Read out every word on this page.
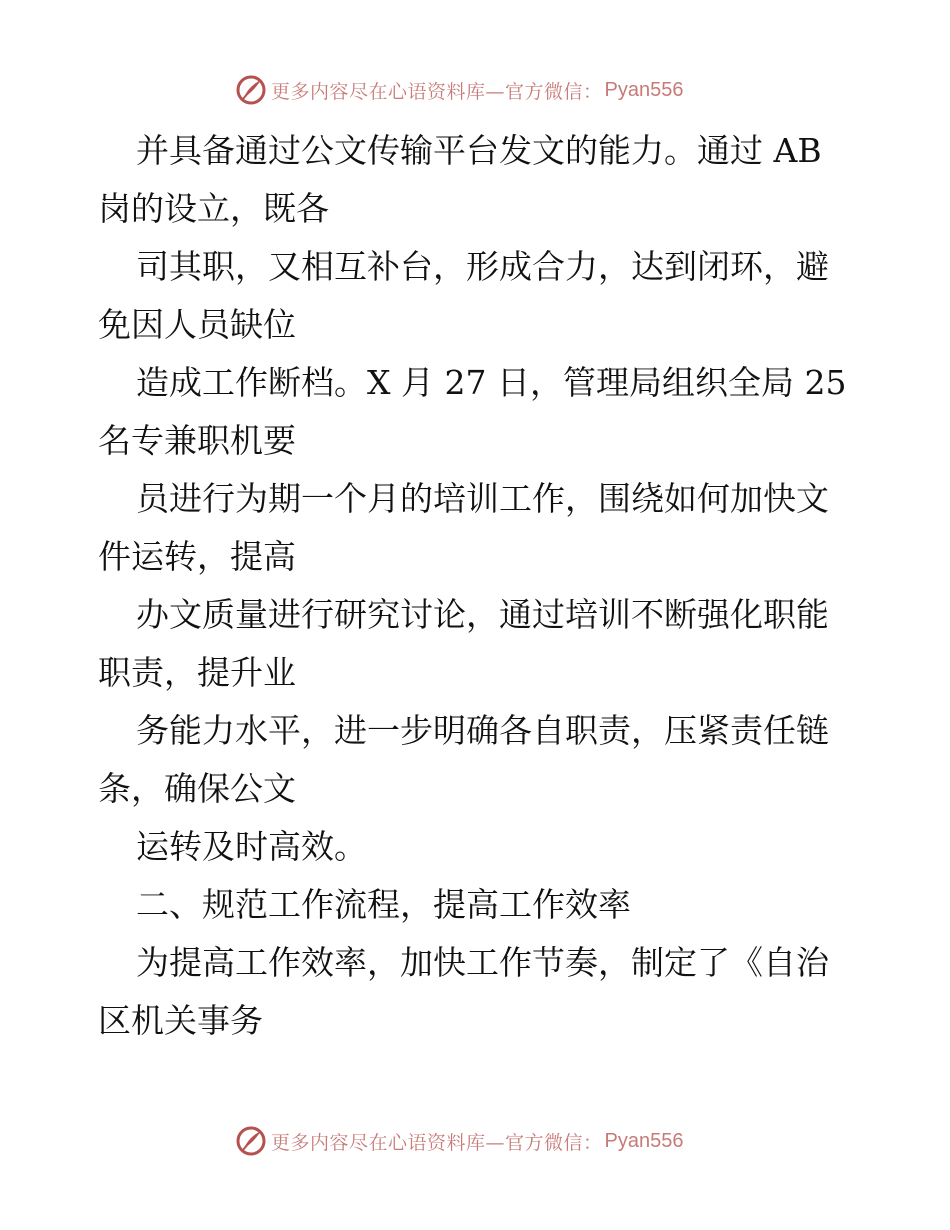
更多内容尽在心语资料库—官方微信： Pyan556
并具备通过公文传输平台发文的能力。通过 AB
岗的设立，既各
司其职，又相互补台，形成合力，达到闭环，避
免因人员缺位
造成工作断档。X 月 27 日，管理局组织全局 25
名专兼职机要
员进行为期一个月的培训工作，围绕如何加快文
件运转，提高
办文质量进行研究讨论，通过培训不断强化职能
职责，提升业
务能力水平，进一步明确各自职责，压紧责任链
条，确保公文
运转及时高效。
二、规范工作流程，提高工作效率
为提高工作效率，加快工作节奏，制定了《自治
区机关事务
更多内容尽在心语资料库—官方微信： Pyan556
